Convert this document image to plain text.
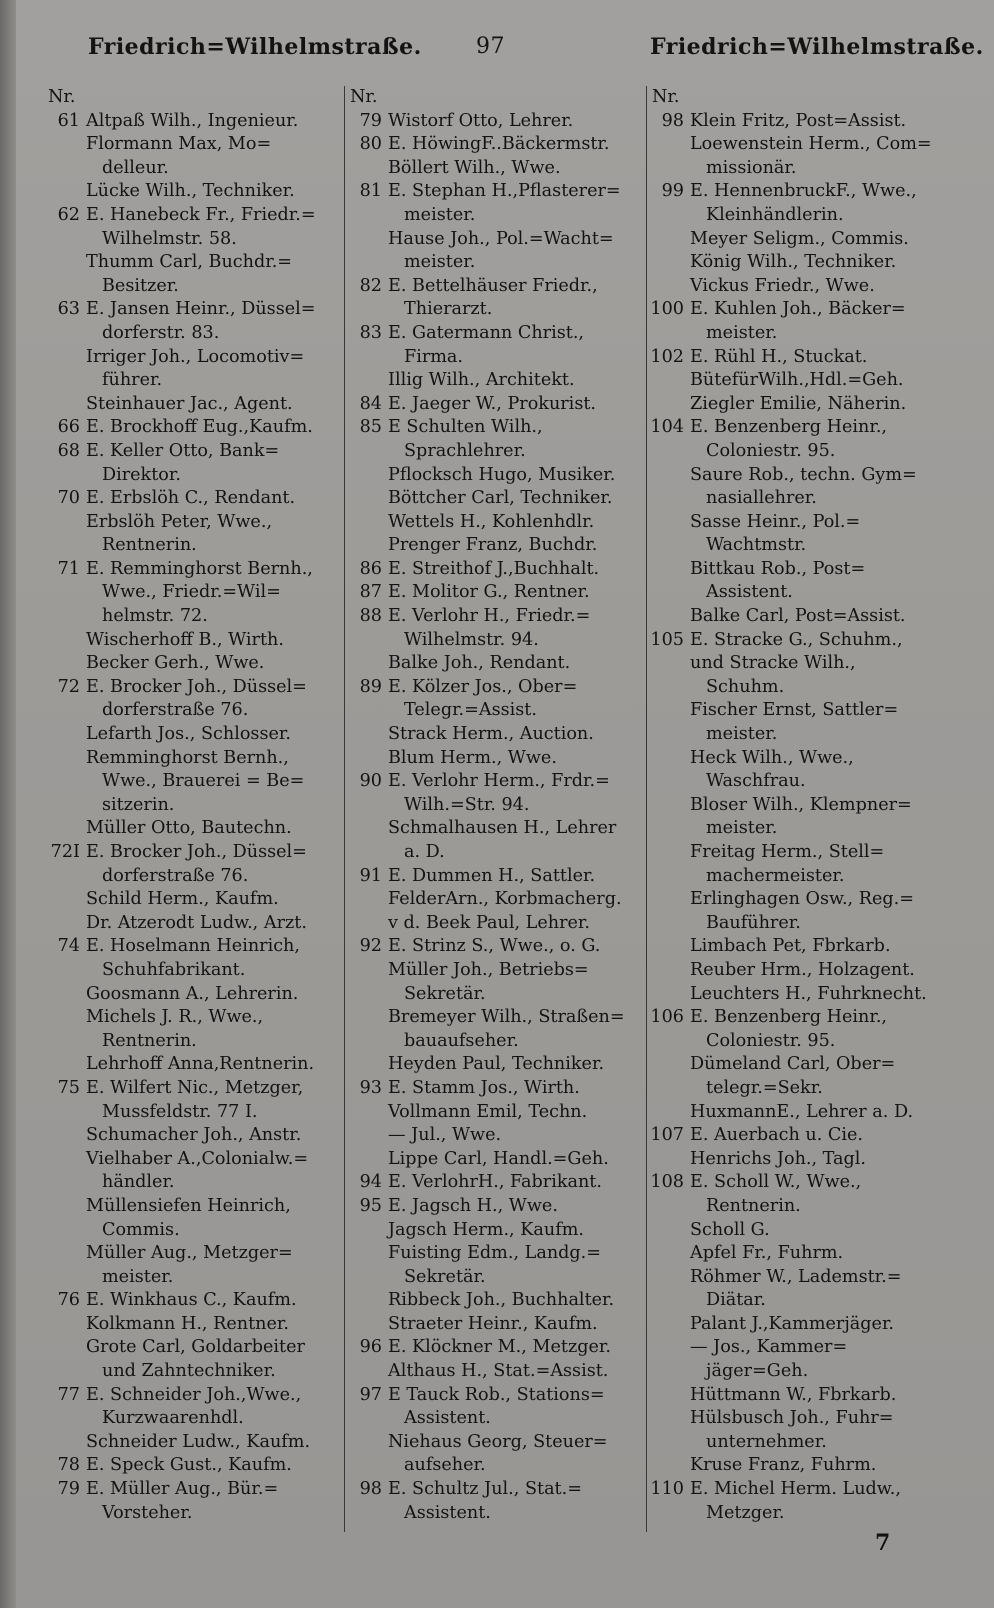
Friedrich=Wilhelmstraße. 97	Friedrich=Wilhelmstraße.
Nr.
61 Altpaß Wilh., Ingenieur.
Flormann Max, Mo=
delleur.
Lücke Wilh., Techniker.
62 E. Hanebeck Fr., Friedr.=
Wilhelmstr. 58.
Thumm Carl, Buchdr.=
Besitzer.
63 E. Jansen Heinr., Düssel=
dorferstr. 83.
Irriger Joh., Locomotiv=
führer.
Steinhauer Jac., Agent.
66 E. Brockhoff Eug.,Kaufm.
68 E. Keller Otto, Bank=
Direktor.
70 E. Erbslöh C., Rendant.
Erbslöh Peter, Wwe.,
Rentnerin.
71 E. Remminghorst Bernh.,
Wwe., Friedr.=Wil=
helmstr. 72.
Wischerhoff B., Wirth.
Becker Gerh., Wwe.
72 E. Brocker Joh., Düssel=
dorferstraße 76.
Lefarth Jos., Schlosser.
Remminghorst Bernh.,
Wwe., Brauerei = Be=
sitzerin.
Müller Otto, Bautechn.
72I E. Brocker Joh., Düssel=
dorferstraße 76.
Schild Herm., Kaufm.
Dr. Atzerodt Ludw., Arzt.
74 E. Hoselmann Heinrich,
Schuhfabrikant.
Goosmann A., Lehrerin.
Michels J. R., Wwe.,
Rentnerin.
Lehrhoff Anna,Rentnerin.
75 E. Wilfert Nic., Metzger,
Mussfeldstr. 77 I.
Schumacher Joh., Anstr.
Vielhaber A.,Colonialw.=
händler.
Müllensiefen Heinrich,
Commis.
Müller Aug., Metzger=
meister.
76 E. Winkhaus C., Kaufm.
Kolkmann H., Rentner.
Grote Carl, Goldarbeiter
und Zahntechniker.
77 E. Schneider Joh.,Wwe.,
Kurzwaarenhdl.
Schneider Ludw., Kaufm.
78 E. Speck Gust., Kaufm.
79 E. Müller Aug., Bür.=
Vorsteher.
Nr.
79 Wistorf Otto, Lehrer.
80 E. HöwingF..Bäckermstr.
Böllert Wilh., Wwe.
81 E. Stephan H.,Pflasterer=
meister.
Hause Joh., Pol.=Wacht=
meister.
82 E. Bettelhäuser Friedr.,
Thierarzt.
83 E. Gatermann Christ.,
Firma.
Illig Wilh., Architekt.
84 E. Jaeger W., Prokurist.
85 E Schulten Wilh.,
Sprachlehrer.
Pflocksch Hugo, Musiker.
Böttcher Carl, Techniker.
Wettels H., Kohlenhdlr.
Prenger Franz, Buchdr.
86 E. Streithof J.,Buchhalt.
87 E. Molitor G., Rentner.
88 E. Verlohr H., Friedr.=
Wilhelmstr. 94.
Balke Joh., Rendant.
89 E. Kölzer Jos., Ober=
Telegr.=Assist.
Strack Herm., Auction.
Blum Herm., Wwe.
90 E. Verlohr Herm., Frdr.=
Wilh.=Str. 94.
Schmalhausen H., Lehrer
a. D.
91 E. Dummen H., Sattler.
FelderArn., Korbmacherg.
v d. Beek Paul, Lehrer.
92 E. Strinz S., Wwe., o. G.
Müller Joh., Betriebs=
Sekretär.
Bremeyer Wilh., Straßen=
bauaufseher.
Heyden Paul, Techniker.
93 E. Stamm Jos., Wirth.
Vollmann Emil, Techn.
— Jul., Wwe.
Lippe Carl, Handl.=Geh.
94 E. VerlohrH., Fabrikant.
95 E. Jagsch H., Wwe.
Jagsch Herm., Kaufm.
Fuisting Edm., Landg.=
Sekretär.
Ribbeck Joh., Buchhalter.
Straeter Heinr., Kaufm.
96 E. Klöckner M., Metzger.
Althaus H., Stat.=Assist.
97 E Tauck Rob., Stations=
Assistent.
Niehaus Georg, Steuer=
aufseher.
98 E. Schultz Jul., Stat.=
Assistent.
Nr.
98 Klein Fritz, Post=Assist.
Loewenstein Herm., Com=
missionär.
99 E. HennenbruckF., Wwe.,
Kleinhändlerin.
Meyer Seligm., Commis.
König Wilh., Techniker.
Vickus Friedr., Wwe.
100 E. Kuhlen Joh., Bäcker=
meister.
102 E. Rühl H., Stuckat.
BütefürWilh.,Hdl.=Geh.
Ziegler Emilie, Näherin.
104 E. Benzenberg Heinr.,
Coloniestr. 95.
Saure Rob., techn. Gym=
nasiallehrer.
Sasse Heinr., Pol.=
Wachtmstr.
Bittkau Rob., Post=
Assistent.
Balke Carl, Post=Assist.
105 E. Stracke G., Schuhm.,
und Stracke Wilh.,
Schuhm.
Fischer Ernst, Sattler=
meister.
Heck Wilh., Wwe.,
Waschfrau.
Bloser Wilh., Klempner=
meister.
Freitag Herm., Stell=
machermeister.
Erlinghagen Osw., Reg.=
Bauführer.
Limbach Pet, Fbrkarb.
Reuber Hrm., Holzagent.
Leuchters H., Fuhrknecht.
106 E. Benzenberg Heinr.,
Coloniestr. 95.
Dümeland Carl, Ober=
telegr.=Sekr.
HuxmannE., Lehrer a. D.
107 E. Auerbach u. Cie.
Henrichs Joh., Tagl.
108 E. Scholl W., Wwe.,
Rentnerin.
Scholl G.
Apfel Fr., Fuhrm.
Röhmer W., Lademstr.=
Diätar.
Palant J.,Kammerjäger.
— Jos., Kammer=
jäger=Geh.
Hüttmann W., Fbrkarb.
Hülsbusch Joh., Fuhr=
unternehmer.
Kruse Franz, Fuhrm.
110 E. Michel Herm. Ludw.,
Metzger.
7
